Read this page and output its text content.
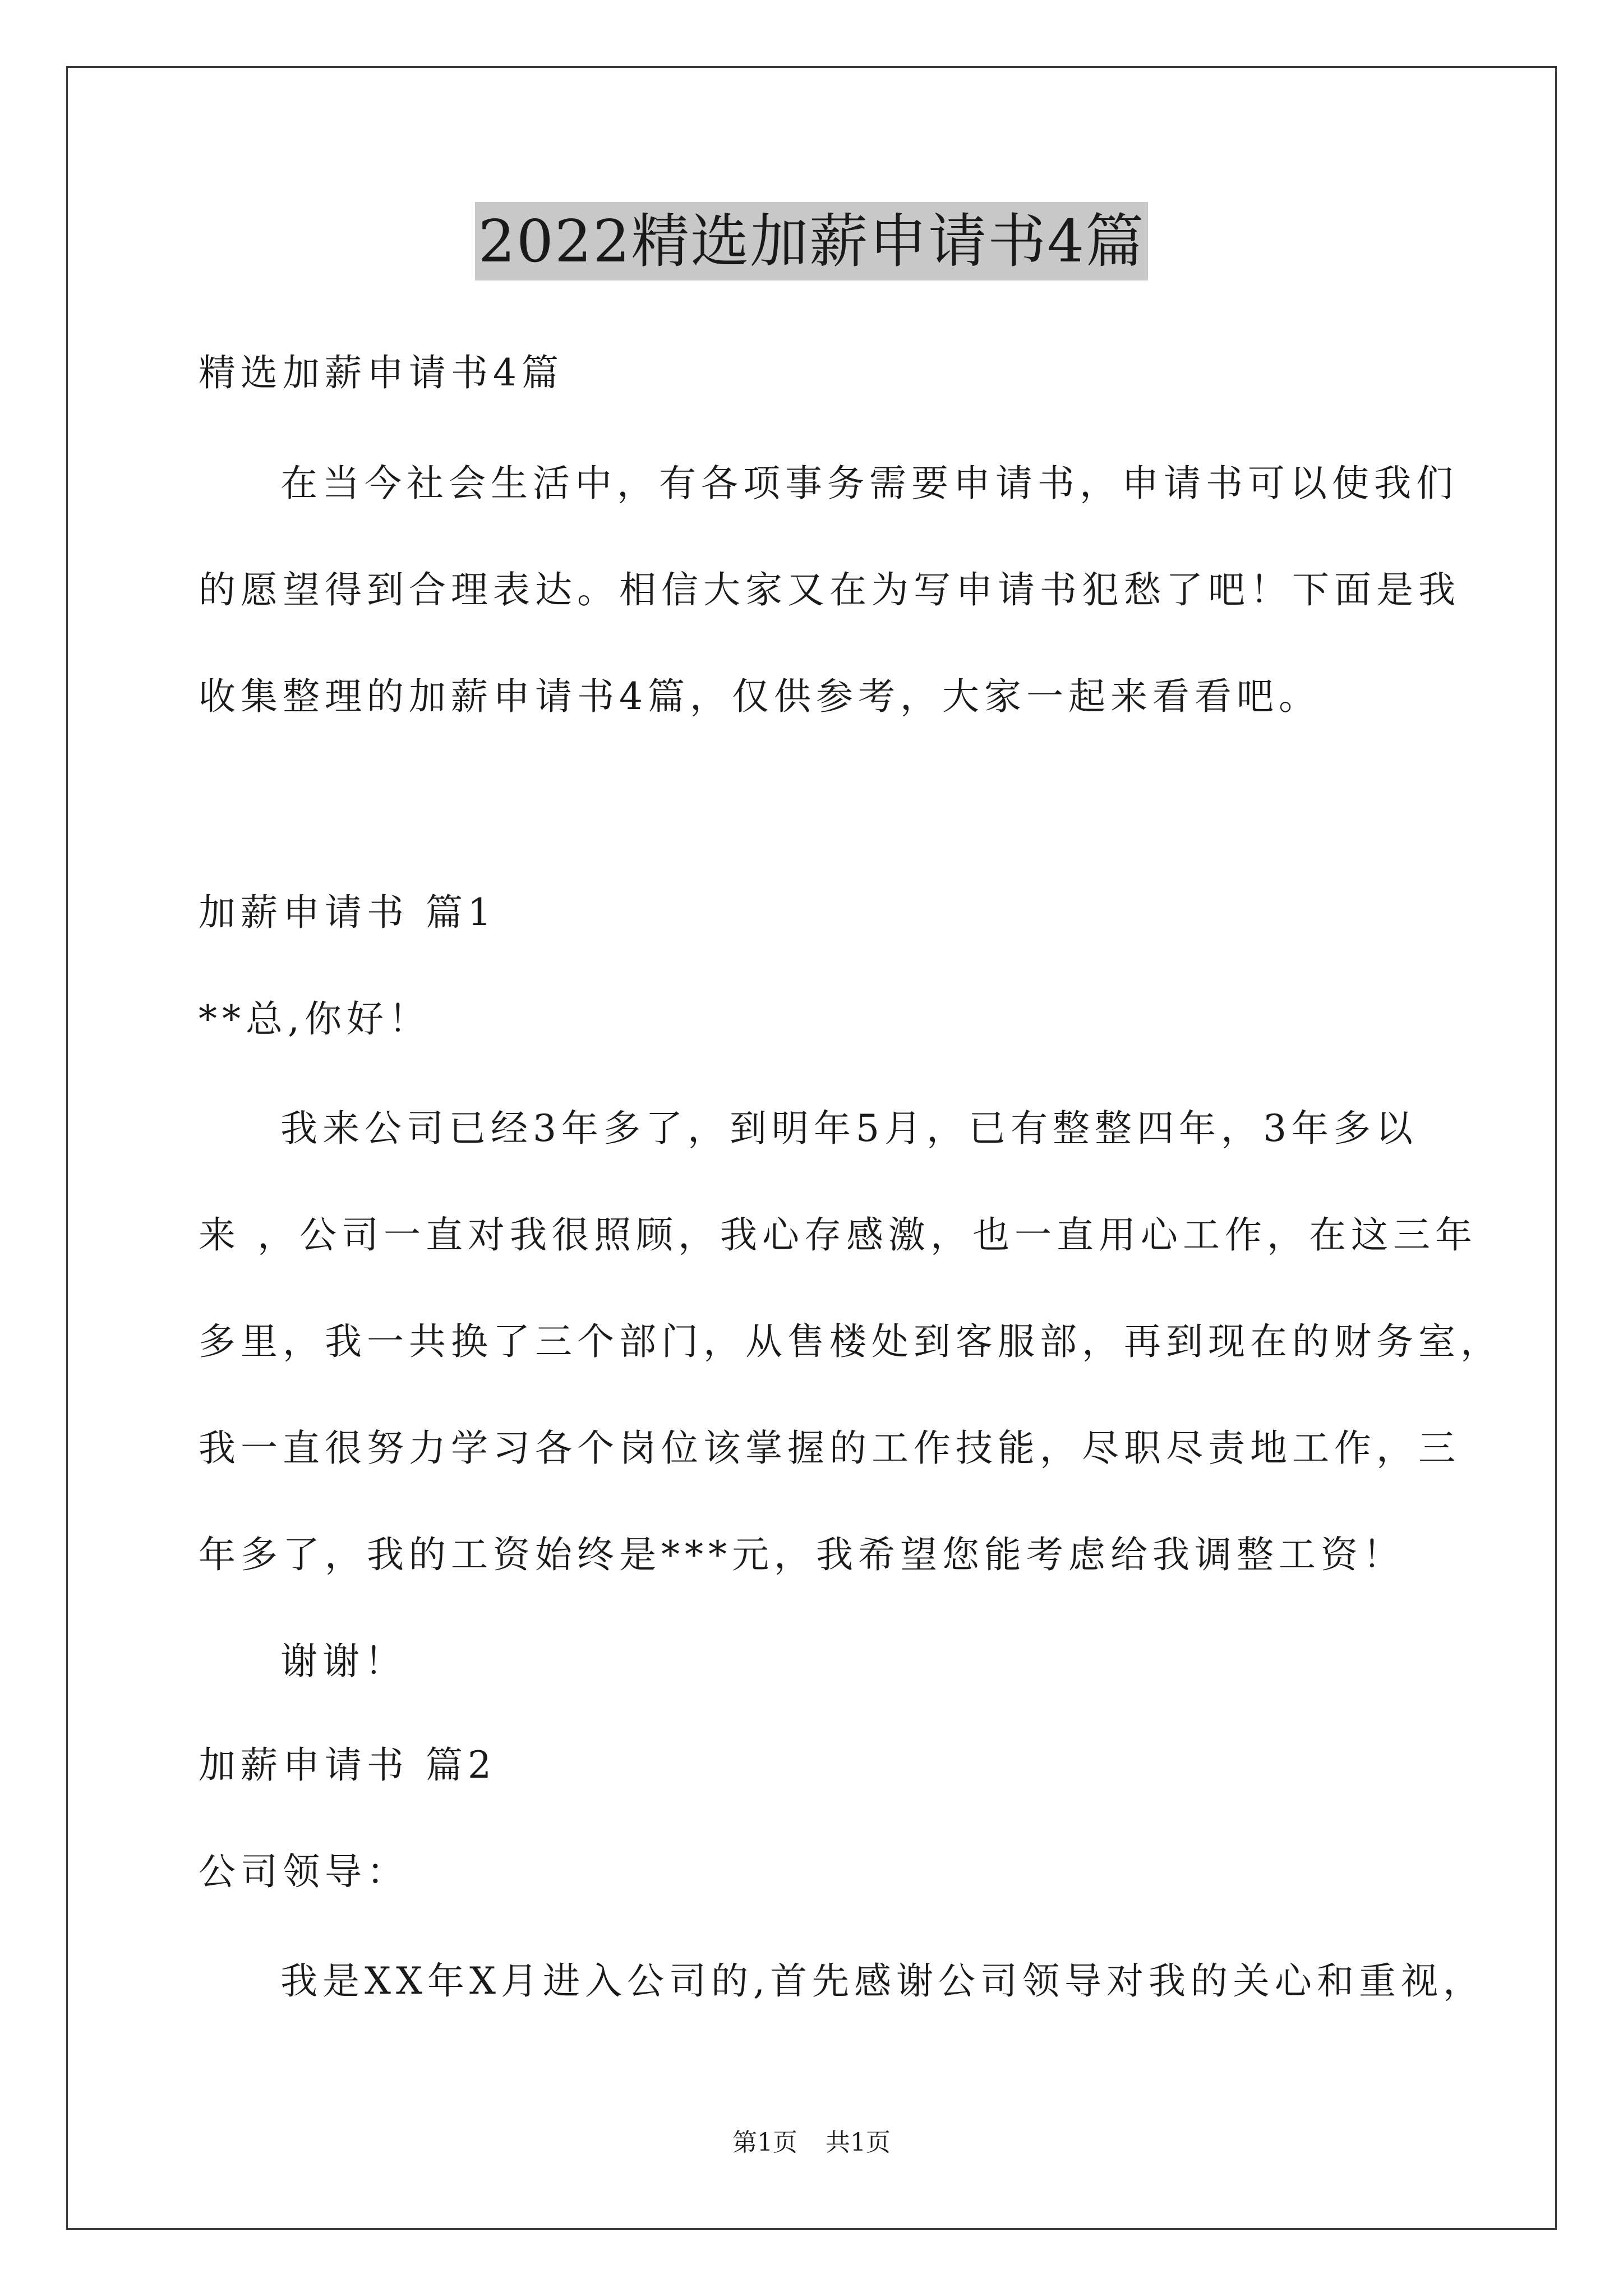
2022精选加薪申请书4篇
精选加薪申请书4篇
在当今社会生活中，有各项事务需要申请书，申请书可以使我们
的愿望得到合理表达。相信大家又在为写申请书犯愁了吧！下面是我
收集整理的加薪申请书4篇，仅供参考，大家一起来看看吧。
加薪申请书 篇1
**总,你好！
我来公司已经3年多了，到明年5月，已有整整四年，3年多以
来 ，公司一直对我很照顾，我心存感激，也一直用心工作，在这三年
多里，我一共换了三个部门，从售楼处到客服部，再到现在的财务室，
我一直很努力学习各个岗位该掌握的工作技能，尽职尽责地工作，三
年多了，我的工资始终是***元，我希望您能考虑给我调整工资！
谢谢！
加薪申请书 篇2
公司领导：
我是XX年X月进入公司的,首先感谢公司领导对我的关心和重视，
第1页 共1页
